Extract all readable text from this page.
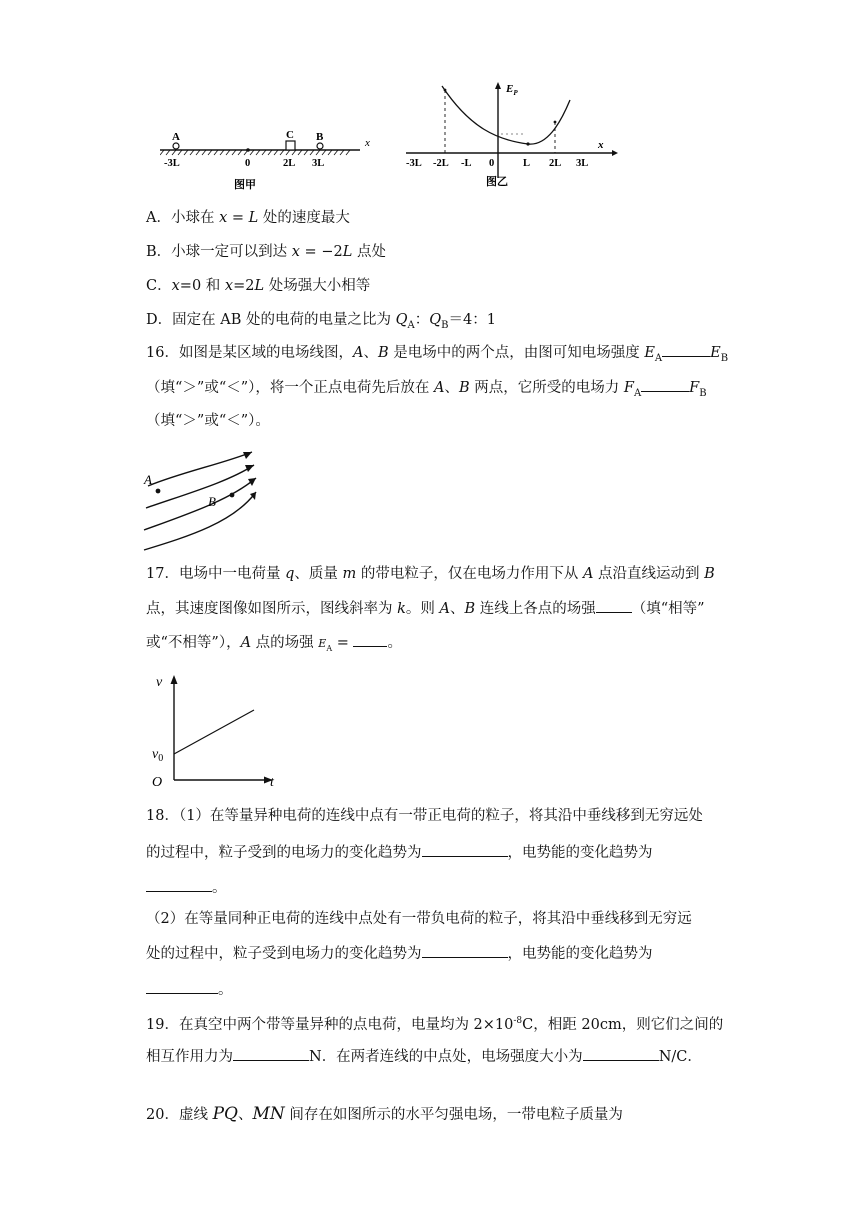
x
A
-3L	0
C
2L
B
3L
图甲
x
$E_P$
-3L -2L -L 0	L 2L 3L
图乙
A．小球在 x = L 处的速度最大
B．小球一定可以到达 x = −2L 点处
C．x=0 和 x=2L 处场强大小相等
D．固定在 AB 处的电荷的电量之比为 $Q_A$：$Q_B=4$：1
16．如图是某区域的电场线图，A、B 是电场中的两个点，由图可知电场强度 $E_A$	$E_B$
（填“＞”或“＜”），将一个正点电荷先后放在 A、B 两点，它所受的电场力 $F_A$	$F_B$
（填“＞”或“＜”）。
A
B
17．电场中一电荷量 q、质量 m 的带电粒子，仅在电场力作用下从 A 点沿直线运动到 B
点，其速度图像如图所示，图线斜率为 k。则 A、B 连线上各点的场强 （填“相等”
或“不相等”），A 点的场强 $E_A$ = 。
v
t
O
$v_0$
18．（1）在等量异种电荷的连线中点有一带正电荷的粒子，将其沿中垂线移到无穷远处
的过程中，粒子受到的电场力的变化趋势为	，电势能的变化趋势为
。
（2）在等量同种正电荷的连线中点处有一带负电荷的粒子，将其沿中垂线移到无穷远
处的过程中，粒子受到电场力的变化趋势为	，电势能的变化趋势为
。
19．在真空中两个带等量异种的点电荷，电量均为 $2\times 10^{-8}C$，相距 20cm，则它们之间的
相互作用力为	N．在两者连线的中点处，电场强度大小为	N/C．
20．虚线 PQ、MN 间存在如图所示的水平匀强电场，一带电粒子质量为
